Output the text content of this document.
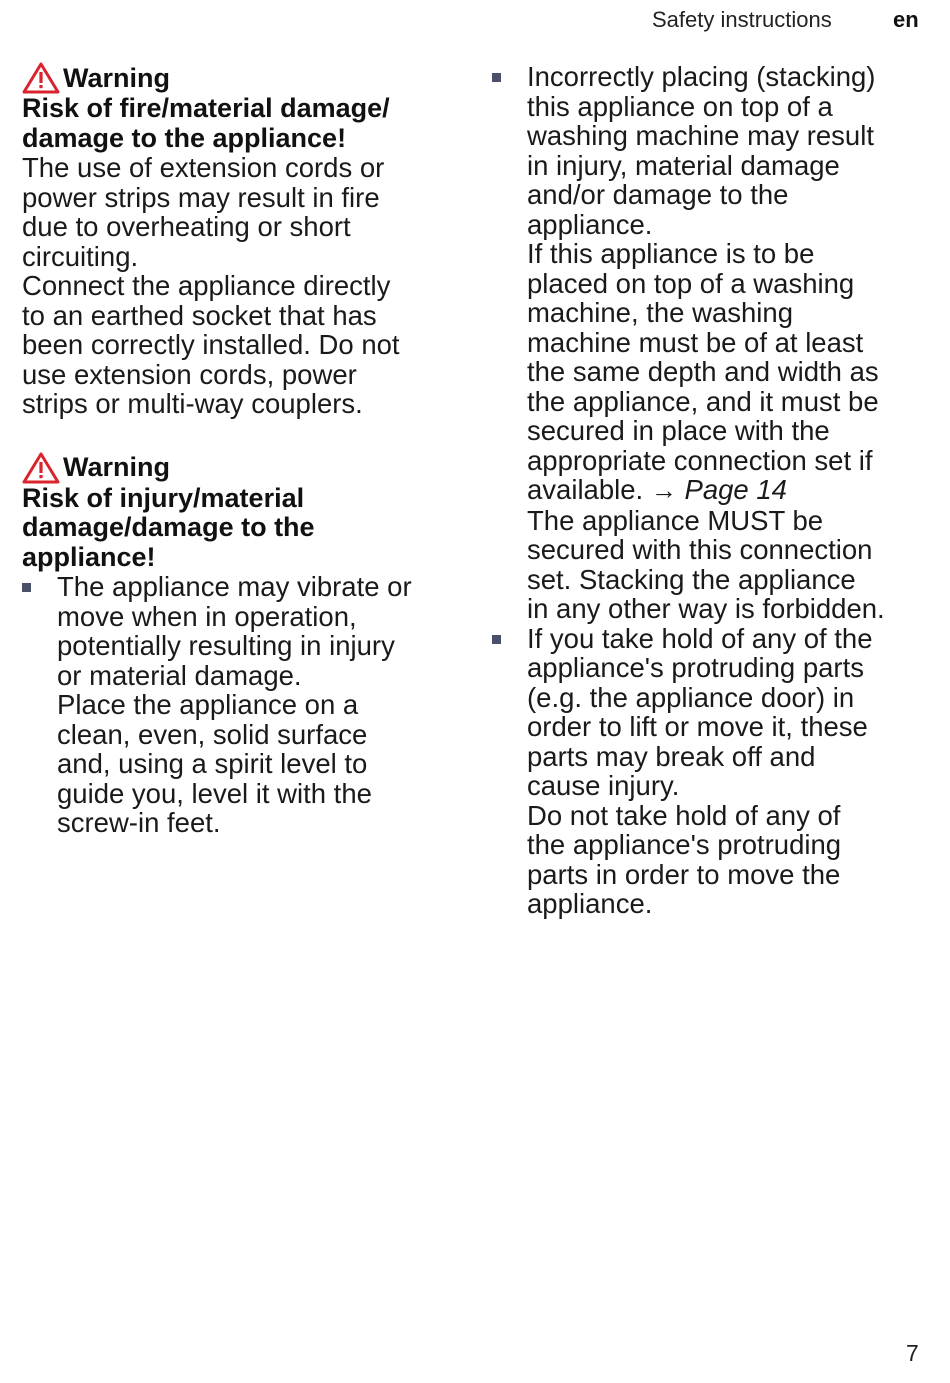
Safety instructions	en
Warning
Risk of fire/material damage/
damage to the appliance!
The use of extension cords or
power strips may result in fire
due to overheating or short
circuiting.
Connect the appliance directly
to an earthed socket that has
been correctly installed. Do not
use extension cords, power
strips or multi-way couplers.
Warning
Risk of injury/material
damage/damage to the
appliance!
The appliance may vibrate or
move when in operation,
potentially resulting in injury
or material damage.
Place the appliance on a
clean, even, solid surface
and, using a spirit level to
guide you, level it with the
screw-in feet.
Incorrectly placing (stacking)
this appliance on top of a
washing machine may result
in injury, material damage
and/or damage to the
appliance.
If this appliance is to be
placed on top of a washing
machine, the washing
machine must be of at least
the same depth and width as
the appliance, and it must be
secured in place with the
appropriate connection set if
available. → Page 14
The appliance MUST be
secured with this connection
set. Stacking the appliance
in any other way is forbidden.
If you take hold of any of the
appliance's protruding parts
(e.g. the appliance door) in
order to lift or move it, these
parts may break off and
cause injury.
Do not take hold of any of
the appliance's protruding
parts in order to move the
appliance.
7
